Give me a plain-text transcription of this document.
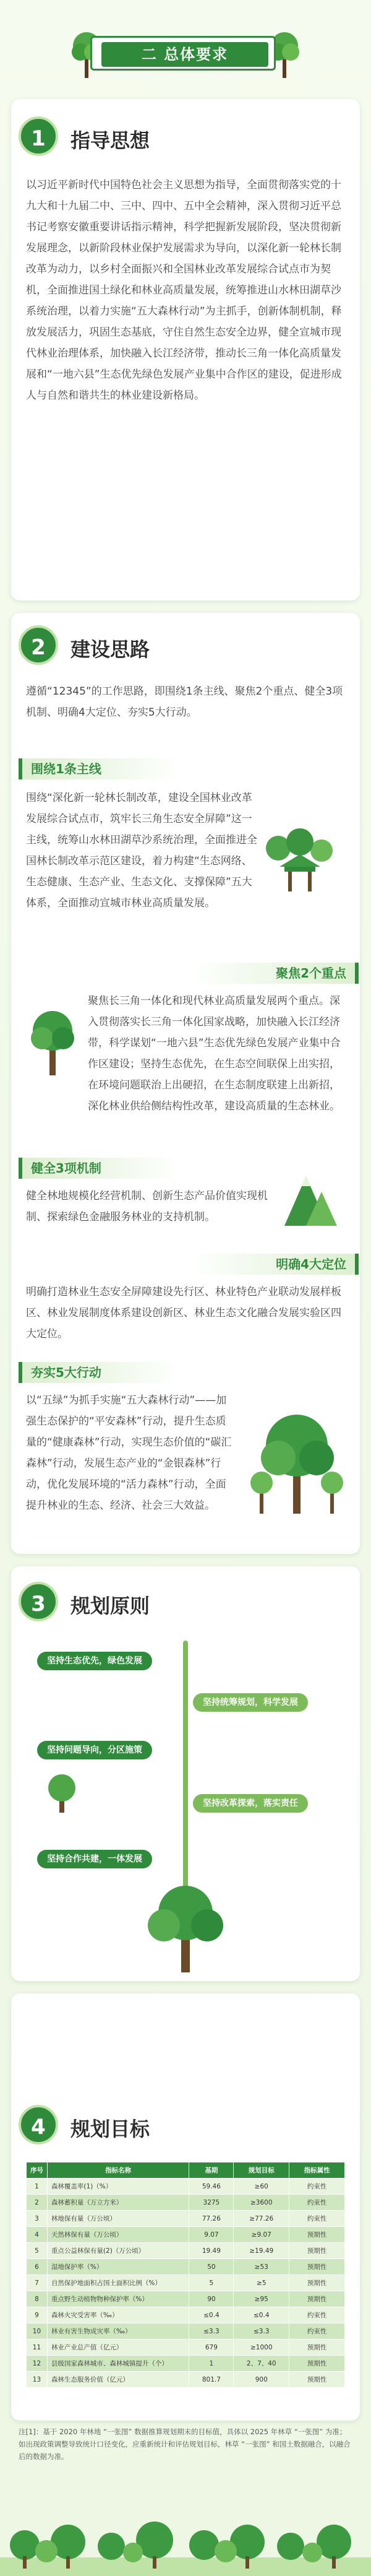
二 总体要求
1	指导思想
以习近平新时代中国特色社会主义思想为指导，全面贯彻落实党的十九大和十九届二中、三中、四中、五中全会精神，深入贯彻习近平总书记考察安徽重要讲话指示精神，科学把握新发展阶段，坚决贯彻新发展理念，以新阶段林业保护发展需求为导向，以深化新一轮林长制改革为动力，以乡村全面振兴和全国林业改革发展综合试点市为契机，全面推进国土绿化和林业高质量发展，统筹推进山水林田湖草沙系统治理，以着力实施“五大森林行动”为主抓手，创新体制机制，释放发展活力，巩固生态基底，守住自然生态安全边界，健全宣城市现代林业治理体系，加快融入长江经济带，推动长三角一体化高质量发展和“一地六县”生态优先绿色发展产业集中合作区的建设，促进形成人与自然和谐共生的林业建设新格局。
2	建设思路
遵循“12345”的工作思路，即围绕1条主线、聚焦2个重点、健全3项机制、明确4大定位、夯实5大行动。
围绕1条主线
围绕“深化新一轮林长制改革，建设全国林业改革发展综合试点市，筑牢长三角生态安全屏障”这一主线，统筹山水林田湖草沙系统治理，全面推进全国林长制改革示范区建设，着力构建“生态网络、生态健康、生态产业、生态文化、支撑保障”五大体系，全面推动宣城市林业高质量发展。
聚焦2个重点
聚焦长三角一体化和现代林业高质量发展两个重点。深入贯彻落实长三角一体化国家战略，加快融入长江经济带，科学谋划“一地六县”生态优先绿色发展产业集中合作区建设；坚持生态优先，在生态空间联保上出实招，在环境问题联治上出硬招，在生态制度联建上出新招，深化林业供给侧结构性改革，建设高质量的生态林业。
健全3项机制
健全林地规模化经营机制、创新生态产品价值实现机制、探索绿色金融服务林业的支持机制。
明确4大定位
明确打造林业生态安全屏障建设先行区、林业特色产业联动发展样板区、林业发展制度体系建设创新区、林业生态文化融合发展实验区四大定位。
夯实5大行动
以“五绿”为抓手实施“五大森林行动”——加强生态保护的“平安森林”行动，提升生态质量的“健康森林”行动，实现生态价值的“碳汇森林”行动，发展生态产业的“金银森林”行动，优化发展环境的“活力森林”行动，全面提升林业的生态、经济、社会三大效益。
3	规划原则
坚持生态优先，绿色发展
坚持统筹规划，科学发展
坚持问题导向，分区施策
坚持改革探索，落实责任
坚持合作共建，一体发展
4	规划目标
序号	指标名称	基期	规划目标	指标属性
1	森林覆盖率(1)（%）	59.46	≥60	约束性
2	森林蓄积量（万立方米）	3275	≥3600	约束性
3	林地保有量（万公顷）	77.26	≥77.26	约束性
4	天然林保有量（万公顷）	9.07	≥9.07	预期性
5	重点公益林保有量(2)（万公顷）	19.49	≥19.49	预期性
6	湿地保护率（%）	50	≥53	预期性
7	自然保护地面积占国土面积比例（%）	5	≥5	预期性
8	重点野生动植物物种保护率（%）	90	≥95	预期性
9	森林火灾受害率（‰）	≤0.4	≤0.4	约束性
10	林业有害生物成灾率（‰）	≤3.3	≤3.3	约束性
11	林业产业总产值（亿元）	679	≥1000	预期性
12	县级国家森林城市、森林城镇提升（个）	1	2、7、40	预期性
13	森林生态服务价值（亿元）	801.7	900	预期性
注[1]：基于 2020 年林地 “一张图” 数据推算规划期末的目标值，具体以 2025 年林草 “一张图” 为准；如出现政策调整导致统计口径变化，应重新统计和评估规划目标，林草 “一张图” 和国土数据融合，以融合后的数据为准。
